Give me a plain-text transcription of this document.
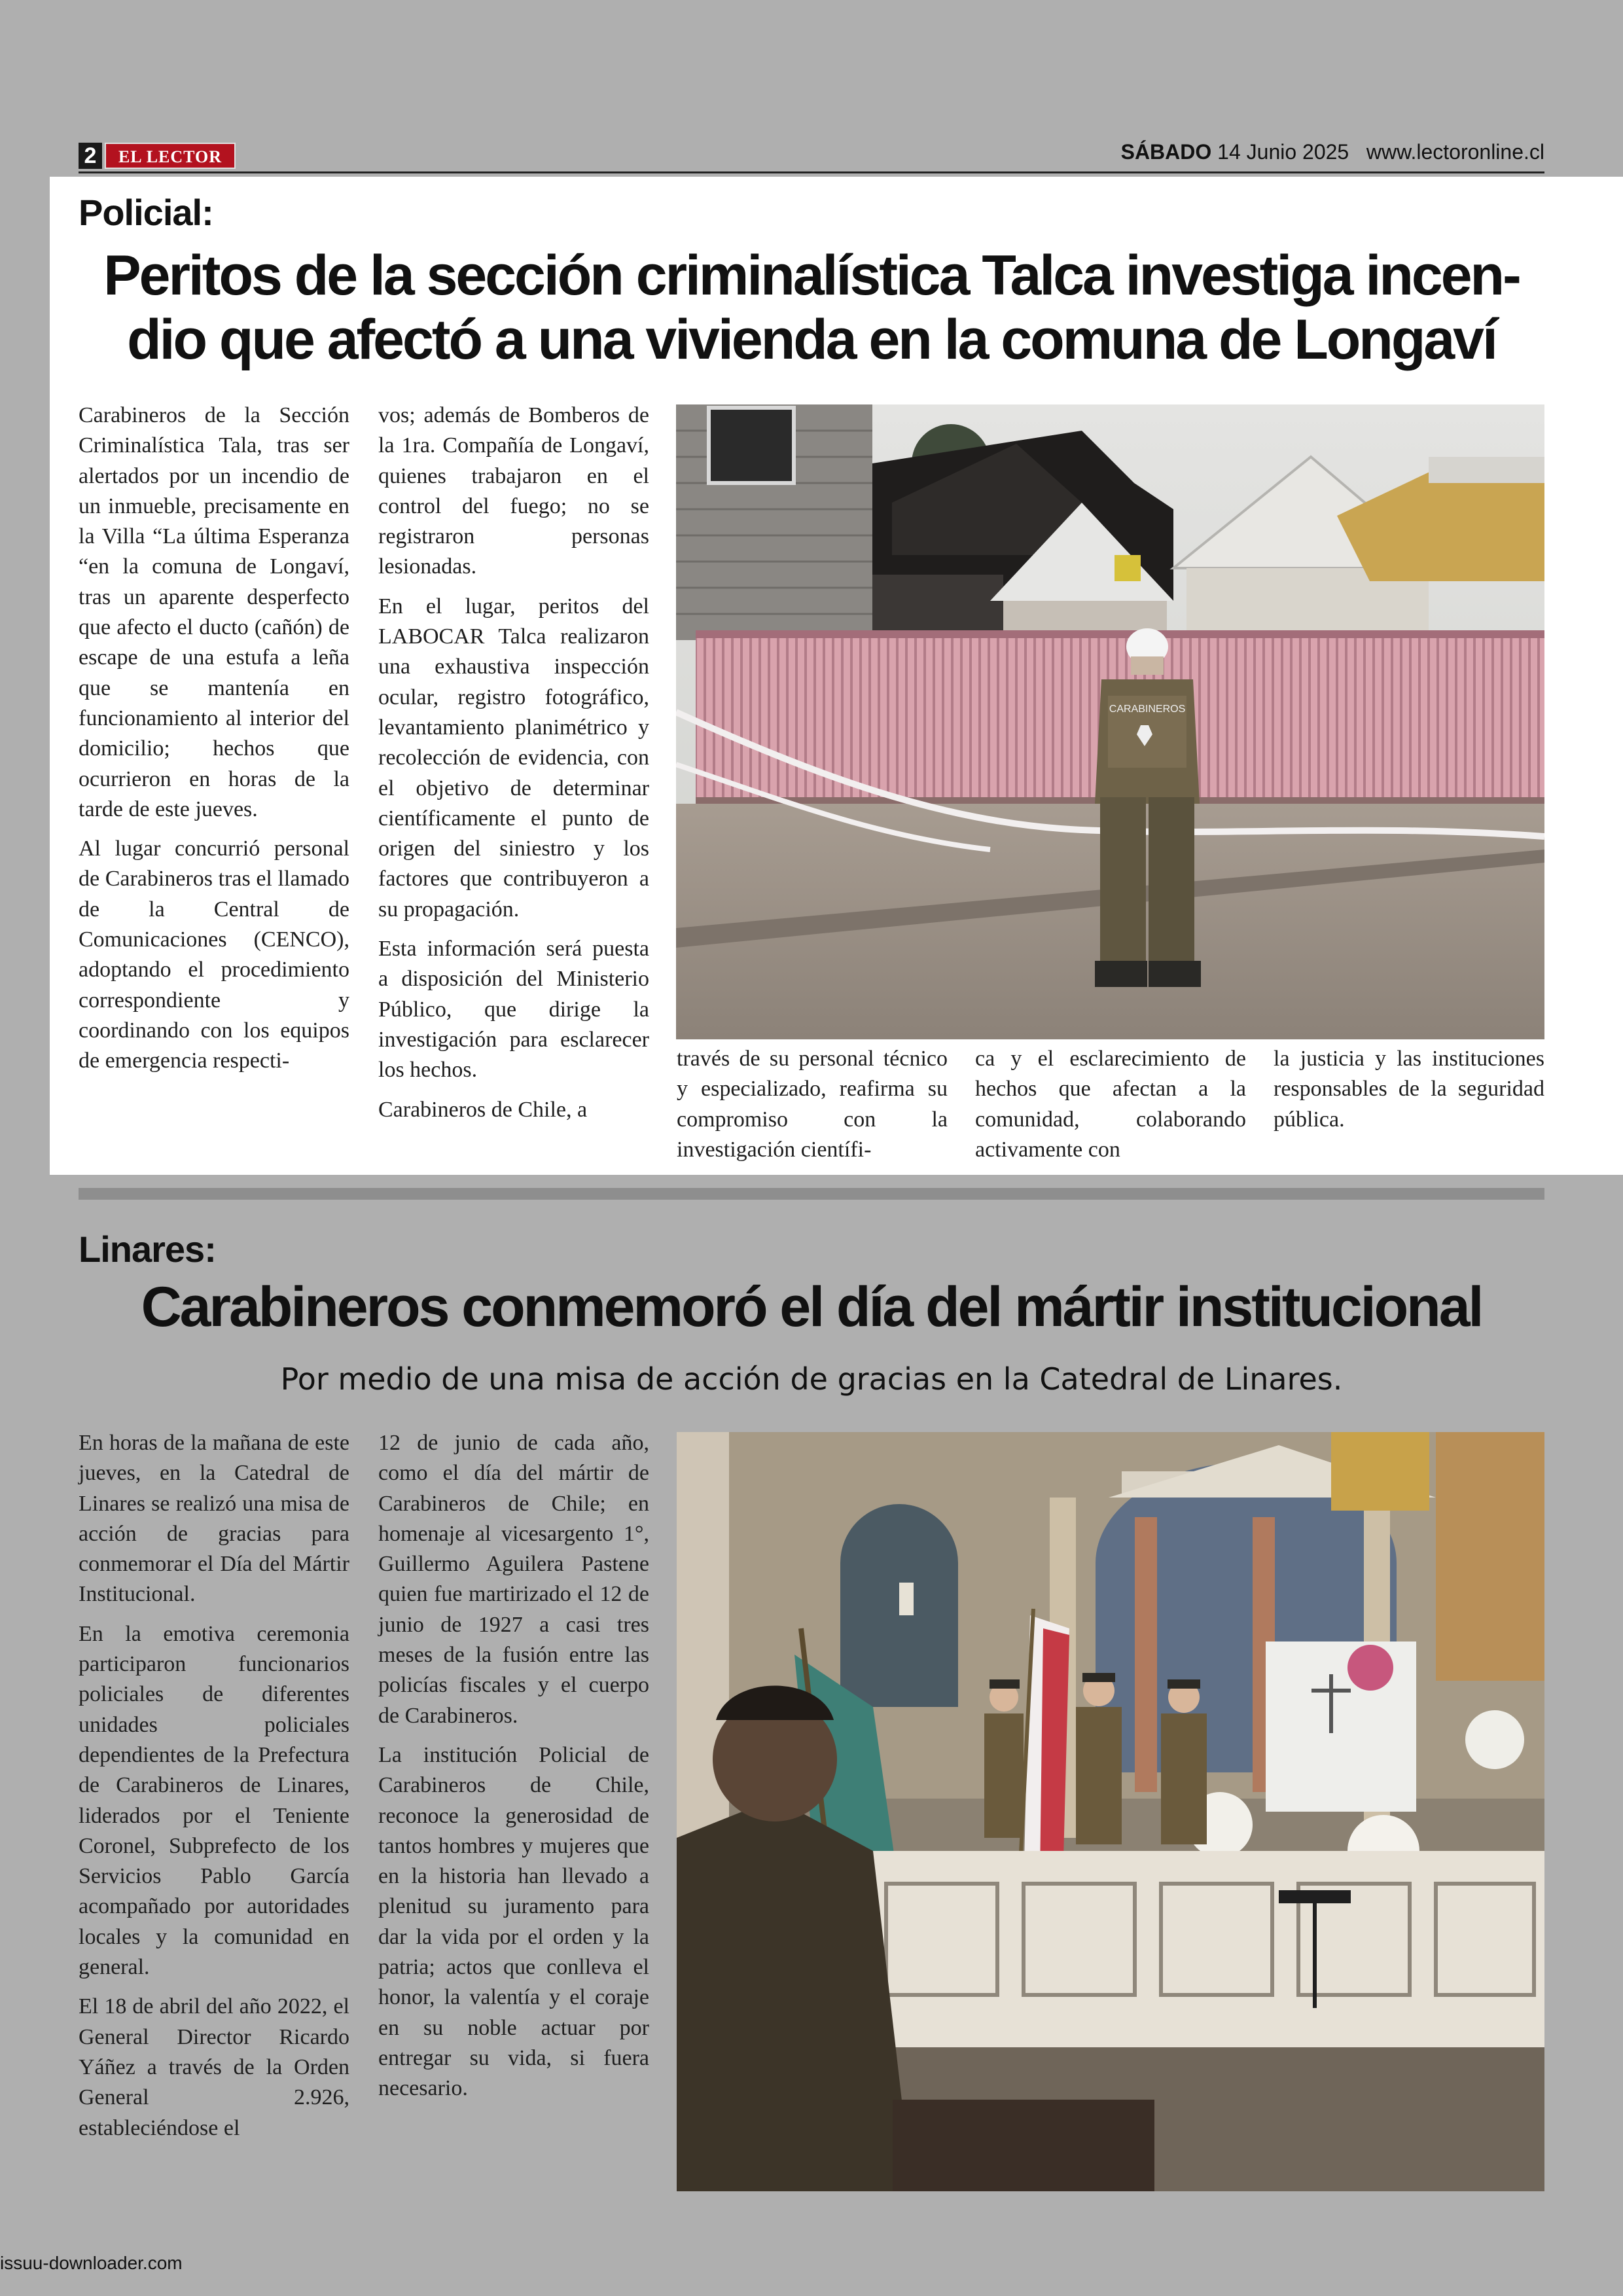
2	EL LECTOR	SÁBADO 14 Junio 2025 www.lectoronline.cl
Policial:
Peritos de la sección criminalística Talca investiga incen-
dio que afectó a una vivienda en la comuna de Longaví

Carabineros de la Sección Criminalística Tala, tras ser alertados por un incendio de un inmueble, precisamente en la Villa “La última Esperanza “en la comuna de Longaví, tras un aparente desperfecto que afecto el ducto (cañón) de escape de una estufa a leña que se mantenía en funcionamiento al interior del domicilio; hechos que ocurrieron en horas de la tarde de este jueves.

Al lugar concurrió personal de Carabineros tras el llamado de la Central de Comunicaciones (CENCO), adoptando el procedimiento correspondiente y coordinando con los equipos de emergencia respecti-

vos; además de Bomberos de la 1ra. Compañía de Longaví, quienes trabajaron en el control del fuego; no se registraron personas lesionadas.

En el lugar, peritos del LABOCAR Talca realizaron una exhaustiva inspección ocular, registro fotográfico, levantamiento planimétrico y recolección de evidencia, con el objetivo de determinar científicamente el punto de origen del siniestro y los factores que contribuyeron a su propagación.

Esta información será puesta a disposición del Ministerio Público, que dirige la investigación para esclarecer los hechos.

Carabineros de Chile, a

través de su personal técnico y especializado, reafirma su compromiso con la investigación científi-

ca y el esclarecimiento de hechos que afectan a la comunidad, colaborando activamente con

la justicia y las instituciones responsables de la seguridad pública.

CARABINEROS
Linares:
Carabineros conmemoró el día del mártir institucional
Por medio de una misa de acción de gracias en la Catedral de Linares.

En horas de la mañana de este jueves, en la Catedral de Linares se realizó una misa de acción de gracias para conmemorar el Día del Mártir Institucional.

En la emotiva ceremonia participaron funcionarios policiales de diferentes unidades policiales dependientes de la Prefectura de Carabineros de Linares, liderados por el Teniente Coronel, Subprefecto de los Servicios Pablo García acompañado por autoridades locales y la comunidad en general.

El 18 de abril del año 2022, el General Director Ricardo Yáñez a través de la Orden General 2.926, estableciéndose el

12 de junio de cada año, como el día del mártir de Carabineros de Chile; en homenaje al vicesargento 1°, Guillermo Aguilera Pastene quien fue martirizado el 12 de junio de 1927 a casi tres meses de la fusión entre las policías fiscales y el cuerpo de Carabineros.

La institución Policial de Carabineros de Chile, reconoce la generosidad de tantos hombres y mujeres que en la historia han llevado a plenitud su juramento para dar la vida por el orden y la patria; actos que conlleva el honor, la valentía y el coraje en su noble actuar por entregar su vida, si fuera necesario.

issuu-downloader.com
